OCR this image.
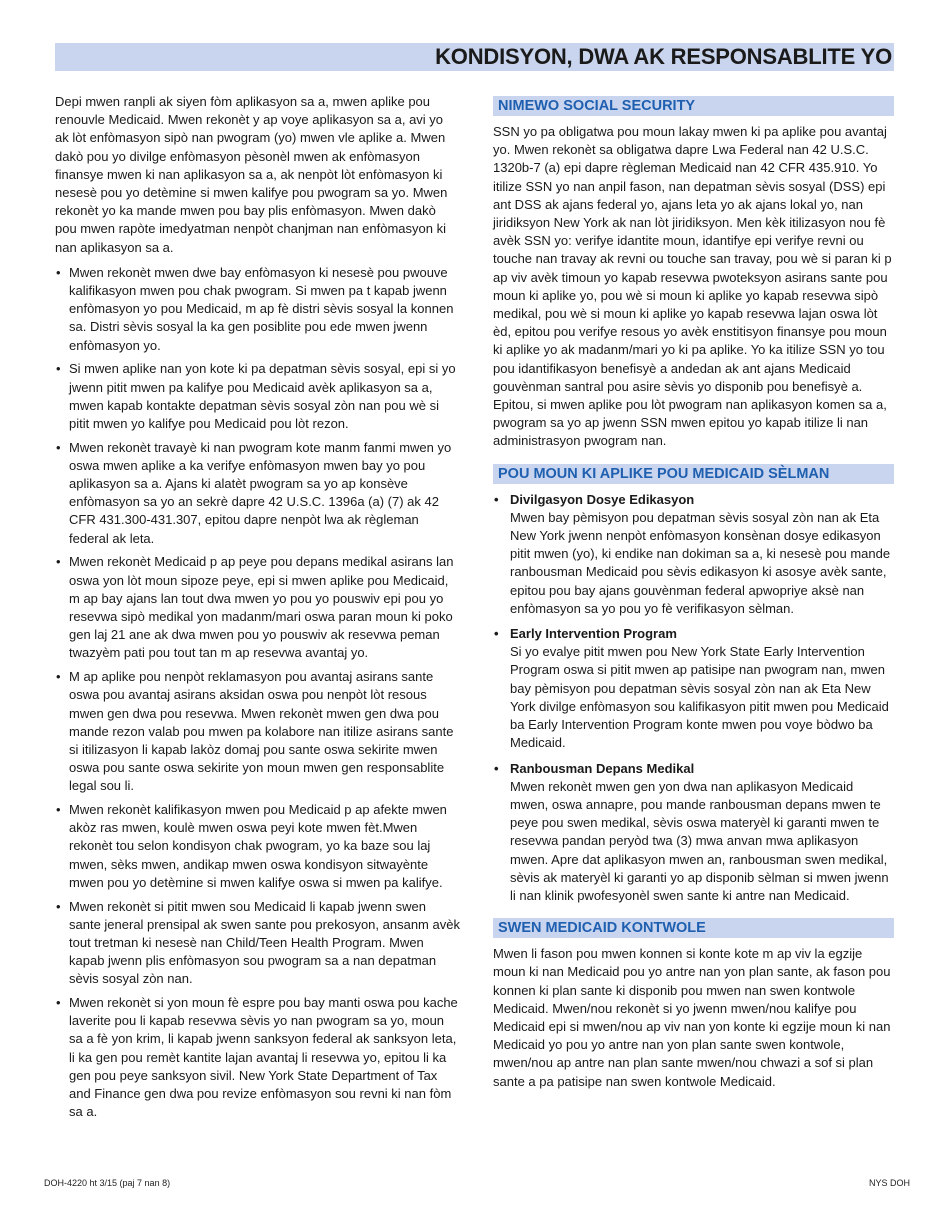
KONDISYON, DWA AK RESPONSABLITE YO

Depi mwen ranpli ak siyen fòm aplikasyon sa a, mwen aplike pou renouvle Medicaid. Mwen rekonèt y ap voye aplikasyon sa a, avi yo ak lòt enfòmasyon sipò nan pwogram (yo) mwen vle aplike a. Mwen dakò pou yo divilge enfòmasyon pèsonèl mwen ak enfòmasyon finansye mwen ki nan aplikasyon sa a, ak nenpòt lòt enfòmasyon ki nesesè pou yo detèmine si mwen kalifye pou pwogram sa yo. Mwen rekonèt yo ka mande mwen pou bay plis enfòmasyon. Mwen dakò pou mwen rapòte imedyatman nenpòt chanjman nan enfòmasyon ki nan aplikasyon sa a.

• Mwen rekonèt mwen dwe bay enfòmasyon ki nesesè pou pwouve kalifikasyon mwen pou chak pwogram. Si mwen pa t kapab jwenn enfòmasyon yo pou Medicaid, m ap fè distri sèvis sosyal la konnen sa. Distri sèvis sosyal la ka gen posiblite pou ede mwen jwenn enfòmasyon yo.
• Si mwen aplike nan yon kote ki pa depatman sèvis sosyal, epi si yo jwenn pitit mwen pa kalifye pou Medicaid avèk aplikasyon sa a, mwen kapab kontakte depatman sèvis sosyal zòn nan pou wè si pitit mwen yo kalifye pou Medicaid pou lòt rezon.
• Mwen rekonèt travayè ki nan pwogram kote manm fanmi mwen yo oswa mwen aplike a ka verifye enfòmasyon mwen bay yo pou aplikasyon sa a. Ajans ki alatèt pwogram sa yo ap konsève enfòmasyon sa yo an sekrè dapre 42 U.S.C. 1396a (a) (7) ak 42 CFR 431.300-431.307, epitou dapre nenpòt lwa ak règleman federal ak leta.
• Mwen rekonèt Medicaid p ap peye pou depans medikal asirans lan oswa yon lòt moun sipoze peye, epi si mwen aplike pou Medicaid, m ap bay ajans lan tout dwa mwen yo pou yo pouswiv epi pou yo resevwa sipò medikal yon madanm/mari oswa paran moun ki poko gen laj 21 ane ak dwa mwen pou yo pouswiv ak resevwa peman twazyèm pati pou tout tan m ap resevwa avantaj yo.
• M ap aplike pou nenpòt reklamasyon pou avantaj asirans sante oswa pou avantaj asirans aksidan oswa pou nenpòt lòt resous mwen gen dwa pou resevwa. Mwen rekonèt mwen gen dwa pou mande rezon valab pou mwen pa kolabore nan itilize asirans sante si itilizasyon li kapab lakòz domaj pou sante oswa sekirite mwen oswa pou sante oswa sekirite yon moun mwen gen responsablite legal sou li.
• Mwen rekonèt kalifikasyon mwen pou Medicaid p ap afekte mwen akòz ras mwen, koulè mwen oswa peyi kote mwen fèt.Mwen rekonèt tou selon kondisyon chak pwogram, yo ka baze sou laj mwen, sèks mwen, andikap mwen oswa kondisyon sitwayènte mwen pou yo detèmine si mwen kalifye oswa si mwen pa kalifye.
• Mwen rekonèt si pitit mwen sou Medicaid li kapab jwenn swen sante jeneral prensipal ak swen sante pou prekosyon, ansanm avèk tout tretman ki nesesè nan Child/Teen Health Program. Mwen kapab jwenn plis enfòmasyon sou pwogram sa a nan depatman sèvis sosyal zòn nan.
• Mwen rekonèt si yon moun fè espre pou bay manti oswa pou kache laverite pou li kapab resevwa sèvis yo nan pwogram sa yo, moun sa a fè yon krim, li kapab jwenn sanksyon federal ak sanksyon leta, li ka gen pou remèt kantite lajan avantaj li resevwa yo, epitou li ka gen pou peye sanksyon sivil. New York State Department of Tax and Finance gen dwa pou revize enfòmasyon sou revni ki nan fòm sa a.
NIMEWO SOCIAL SECURITY

SSN yo pa obligatwa pou moun lakay mwen ki pa aplike pou avantaj yo. Mwen rekonèt sa obligatwa dapre Lwa Federal nan 42 U.S.C. 1320b-7 (a) epi dapre règleman Medicaid nan 42 CFR 435.910. Yo itilize SSN yo nan anpil fason, nan depatman sèvis sosyal (DSS) epi ant DSS ak ajans federal yo, ajans leta yo ak ajans lokal yo, nan jiridiksyon New York ak nan lòt jiridiksyon. Men kèk itilizasyon nou fè avèk SSN yo: verifye idantite moun, idantifye epi verifye revni ou touche nan travay ak revni ou touche san travay, pou wè si paran ki p ap viv avèk timoun yo kapab resevwa pwoteksyon asirans sante pou moun ki aplike yo, pou wè si moun ki aplike yo kapab resevwa sipò medikal, pou wè si moun ki aplike yo kapab resevwa lajan oswa lòt èd, epitou pou verifye resous yo avèk enstitisyon finansye pou moun ki aplike yo ak madanm/mari yo ki pa aplike. Yo ka itilize SSN yo tou pou idantifikasyon benefisyè a andedan ak ant ajans Medicaid gouvènman santral pou asire sèvis yo disponib pou benefisyè a. Epitou, si mwen aplike pou lòt pwogram nan aplikasyon komen sa a, pwogram sa yo ap jwenn SSN mwen epitou yo kapab itilize li nan administrasyon pwogram nan.

POU MOUN KI APLIKE POU MEDICAID SÈLMAN
• Divilgasyon Dosye Edikasyon
Mwen bay pèmisyon pou depatman sèvis sosyal zòn nan ak Eta New York jwenn nenpòt enfòmasyon konsènan dosye edikasyon pitit mwen (yo), ki endike nan dokiman sa a, ki nesesè pou mande ranbousman Medicaid pou sèvis edikasyon ki asosye avèk sante, epitou pou bay ajans gouvènman federal apwopriye aksè nan enfòmasyon sa yo pou yo fè verifikasyon sèlman.
• Early Intervention Program
Si yo evalye pitit mwen pou New York State Early Intervention Program oswa si pitit mwen ap patisipe nan pwogram nan, mwen bay pèmisyon pou depatman sèvis sosyal zòn nan ak Eta New York divilge enfòmasyon sou kalifikasyon pitit mwen pou Medicaid ba Early Intervention Program konte mwen pou voye bòdwo ba Medicaid.
• Ranbousman Depans Medikal
Mwen rekonèt mwen gen yon dwa nan aplikasyon Medicaid mwen, oswa annapre, pou mande ranbousman depans mwen te peye pou swen medikal, sèvis oswa materyèl ki garanti mwen te resevwa pandan peryòd twa (3) mwa anvan mwa aplikasyon mwen. Apre dat aplikasyon mwen an, ranbousman swen medikal, sèvis ak materyèl ki garanti yo ap disponib sèlman si mwen jwenn li nan klinik pwofesyonèl swen sante ki antre nan Medicaid.
SWEN MEDICAID KONTWOLE

Mwen li fason pou mwen konnen si konte kote m ap viv la egzije moun ki nan Medicaid pou yo antre nan yon plan sante, ak fason pou konnen ki plan sante ki disponib pou mwen nan swen kontwole Medicaid. Mwen/nou rekonèt si yo jwenn mwen/nou kalifye pou Medicaid epi si mwen/nou ap viv nan yon konte ki egzije moun ki nan Medicaid yo pou yo antre nan yon plan sante swen kontwole, mwen/nou ap antre nan plan sante mwen/nou chwazi a sof si plan sante a pa patisipe nan swen kontwole Medicaid.

DOH-4220 ht 3/15 (paj 7 nan 8)	NYS DOH
